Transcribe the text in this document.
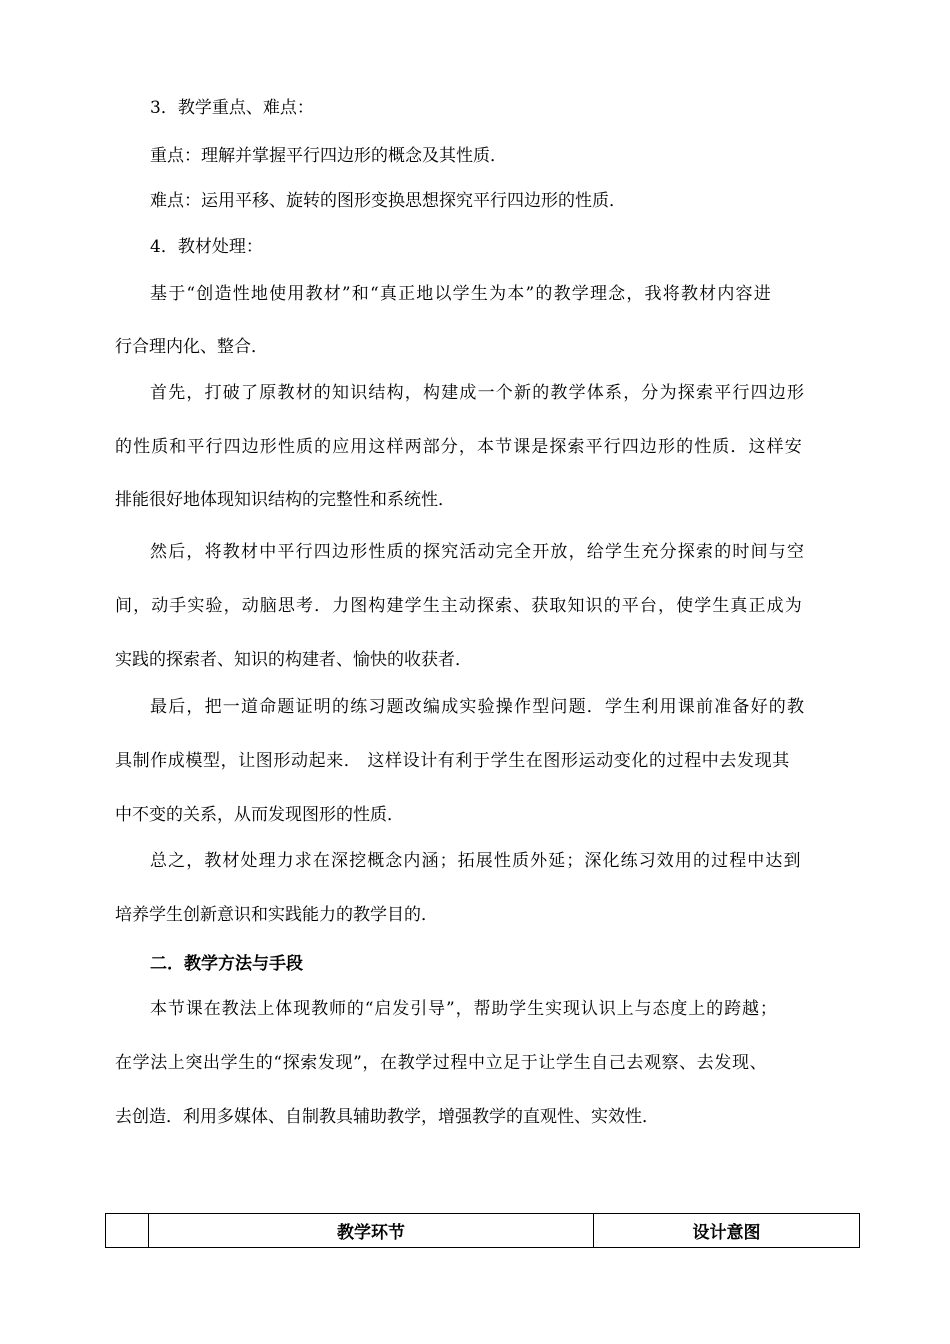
3．教学重点、难点：
重点：理解并掌握平行四边形的概念及其性质．
难点：运用平移、旋转的图形变换思想探究平行四边形的性质．
4．教材处理：
基于“创造性地使用教材”和“真正地以学生为本”的教学理念，我将教材内容进
行合理内化、整合．
首先，打破了原教材的知识结构，构建成一个新的教学体系，分为探索平行四边形
的性质和平行四边形性质的应用这样两部分，本节课是探索平行四边形的性质．这样安
排能很好地体现知识结构的完整性和系统性．
然后，将教材中平行四边形性质的探究活动完全开放，给学生充分探索的时间与空
间，动手实验，动脑思考．力图构建学生主动探索、获取知识的平台，使学生真正成为
实践的探索者、知识的构建者、愉快的收获者．
最后，把一道命题证明的练习题改编成实验操作型问题．学生利用课前准备好的教
具制作成模型，让图形动起来． 这样设计有利于学生在图形运动变化的过程中去发现其
中不变的关系，从而发现图形的性质．
总之，教材处理力求在深挖概念内涵；拓展性质外延；深化练习效用的过程中达到
培养学生创新意识和实践能力的教学目的．
二．教学方法与手段
本节课在教法上体现教师的“启发引导”，帮助学生实现认识上与态度上的跨越；
在学法上突出学生的“探索发现”，在教学过程中立足于让学生自己去观察、去发现、
去创造．利用多媒体、自制教具辅助教学，增强教学的直观性、实效性．
	教学环节	设计意图
